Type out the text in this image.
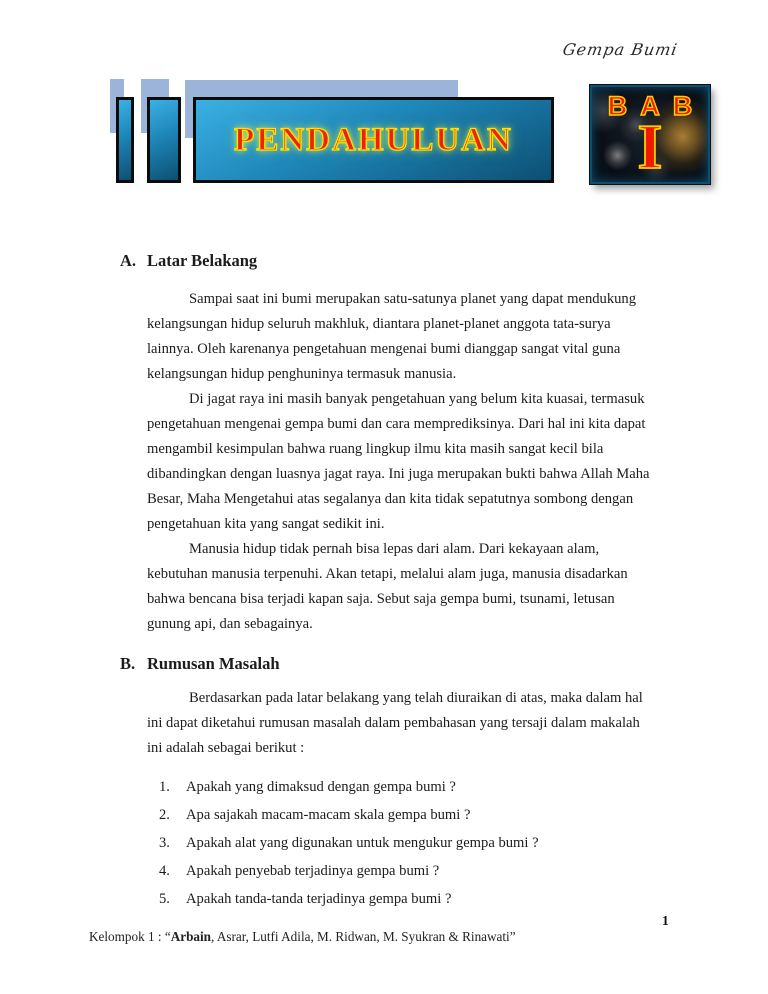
Gempa Bumi
PENDAHULUAN
BAB
I
A. Latar Belakang
Sampai saat ini bumi merupakan satu-satunya planet yang dapat mendukung kelangsungan hidup seluruh makhluk, diantara planet-planet anggota tata-surya lainnya. Oleh karenanya pengetahuan mengenai bumi dianggap sangat vital guna kelangsungan hidup penghuninya termasuk manusia.
Di jagat raya ini masih banyak pengetahuan yang belum kita kuasai, termasuk pengetahuan mengenai gempa bumi dan cara memprediksinya. Dari hal ini kita dapat mengambil kesimpulan bahwa ruang lingkup ilmu kita masih sangat kecil bila dibandingkan dengan luasnya jagat raya. Ini juga merupakan bukti bahwa Allah Maha Besar, Maha Mengetahui atas segalanya dan kita tidak sepatutnya sombong dengan pengetahuan kita yang sangat sedikit ini.
Manusia hidup tidak pernah bisa lepas dari alam. Dari kekayaan alam, kebutuhan manusia terpenuhi. Akan tetapi, melalui alam juga, manusia disadarkan bahwa bencana bisa terjadi kapan saja. Sebut saja gempa bumi, tsunami, letusan gunung api, dan sebagainya.
B. Rumusan Masalah
Berdasarkan pada latar belakang yang telah diuraikan di atas, maka dalam hal ini dapat diketahui rumusan masalah dalam pembahasan yang tersaji dalam makalah ini adalah sebagai berikut :
1.	Apakah yang dimaksud dengan gempa bumi ?
2.	Apa sajakah macam-macam skala gempa bumi ?
3.	Apakah alat yang digunakan untuk mengukur gempa bumi ?
4.	Apakah penyebab terjadinya gempa bumi ?
5.	Apakah tanda-tanda terjadinya gempa bumi ?
Kelompok 1 : “Arbain, Asrar, Lutfi Adila, M. Ridwan, M. Syukran & Rinawati”
1
